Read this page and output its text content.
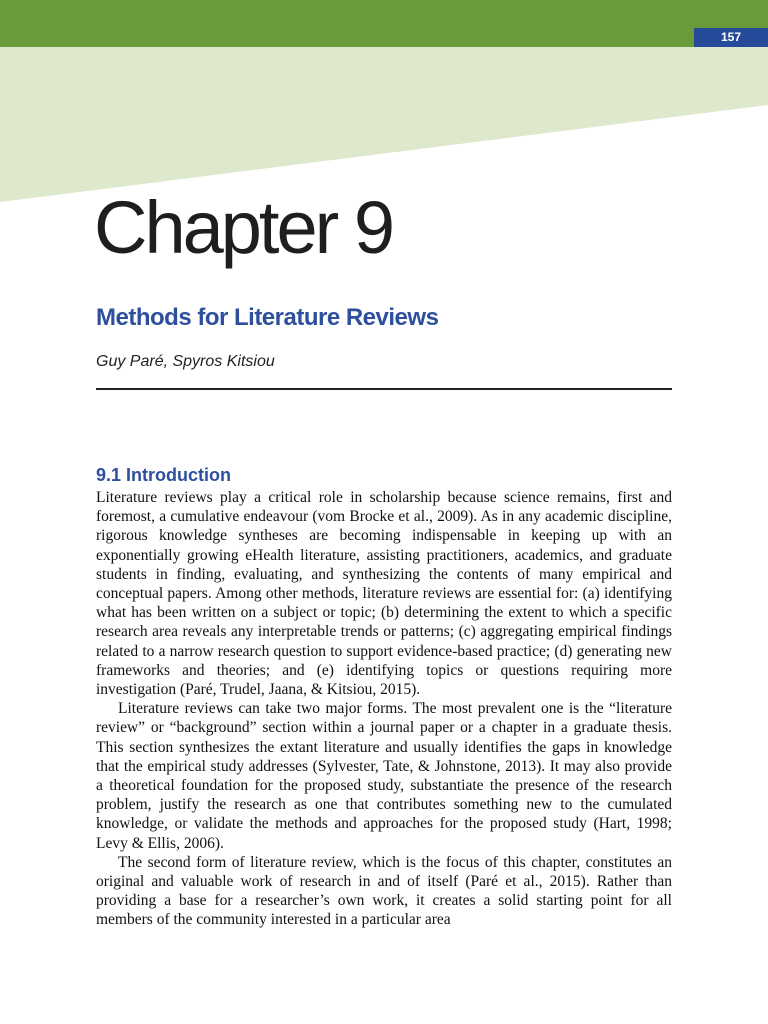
157
Chapter 9
Methods for Literature Reviews
Guy Paré, Spyros Kitsiou
9.1 Introduction

Literature reviews play a critical role in scholarship because science remains, first and foremost, a cumulative endeavour (vom Brocke et al., 2009). As in any academic discipline, rigorous knowledge syntheses are becoming indispensable in keeping up with an exponentially growing eHealth literature, assisting practitioners, academics, and graduate students in finding, evaluating, and synthesizing the contents of many empirical and conceptual papers. Among other methods, literature reviews are essential for: (a) identifying what has been written on a subject or topic; (b) determining the extent to which a specific research area reveals any interpretable trends or patterns; (c) aggregating empirical findings related to a narrow research question to support evidence-based practice; (d) generating new frameworks and theories; and (e) identifying topics or questions requiring more investigation (Paré, Trudel, Jaana, & Kitsiou, 2015).

Literature reviews can take two major forms. The most prevalent one is the “literature review” or “background” section within a journal paper or a chapter in a graduate thesis. This section synthesizes the extant literature and usually identifies the gaps in knowledge that the empirical study addresses (Sylvester, Tate, & Johnstone, 2013). It may also provide a theoretical foundation for the proposed study, substantiate the presence of the research problem, justify the research as one that contributes something new to the cumulated knowledge, or validate the methods and approaches for the proposed study (Hart, 1998; Levy & Ellis, 2006).

The second form of literature review, which is the focus of this chapter, constitutes an original and valuable work of research in and of itself (Paré et al., 2015). Rather than providing a base for a researcher’s own work, it creates a solid starting point for all members of the community interested in a particular area
